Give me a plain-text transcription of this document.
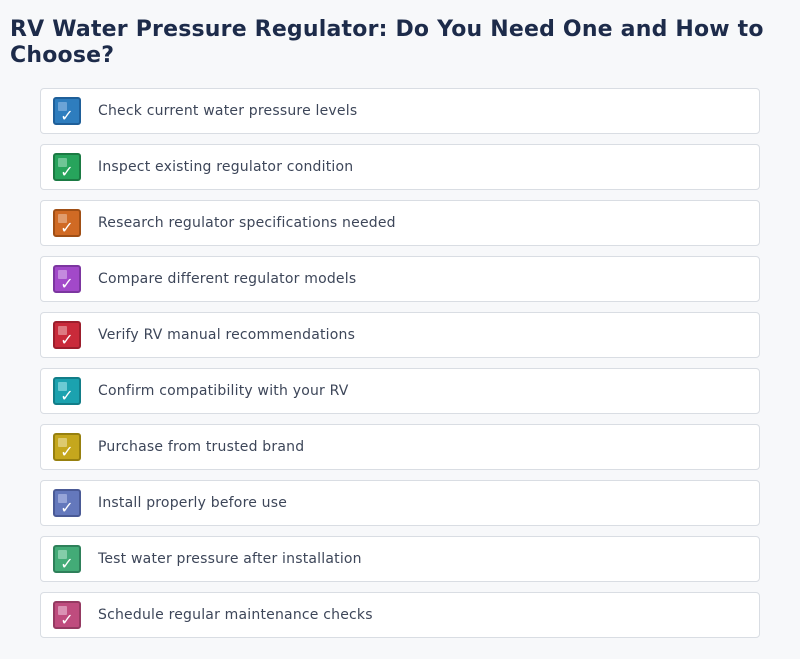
RV Water Pressure Regulator: Do You Need One and How to Choose?
✓	Check current water pressure levels
✓	Inspect existing regulator condition
✓	Research regulator specifications needed
✓	Compare different regulator models
✓	Verify RV manual recommendations
✓	Confirm compatibility with your RV
✓	Purchase from trusted brand
✓	Install properly before use
✓	Test water pressure after installation
✓	Schedule regular maintenance checks
